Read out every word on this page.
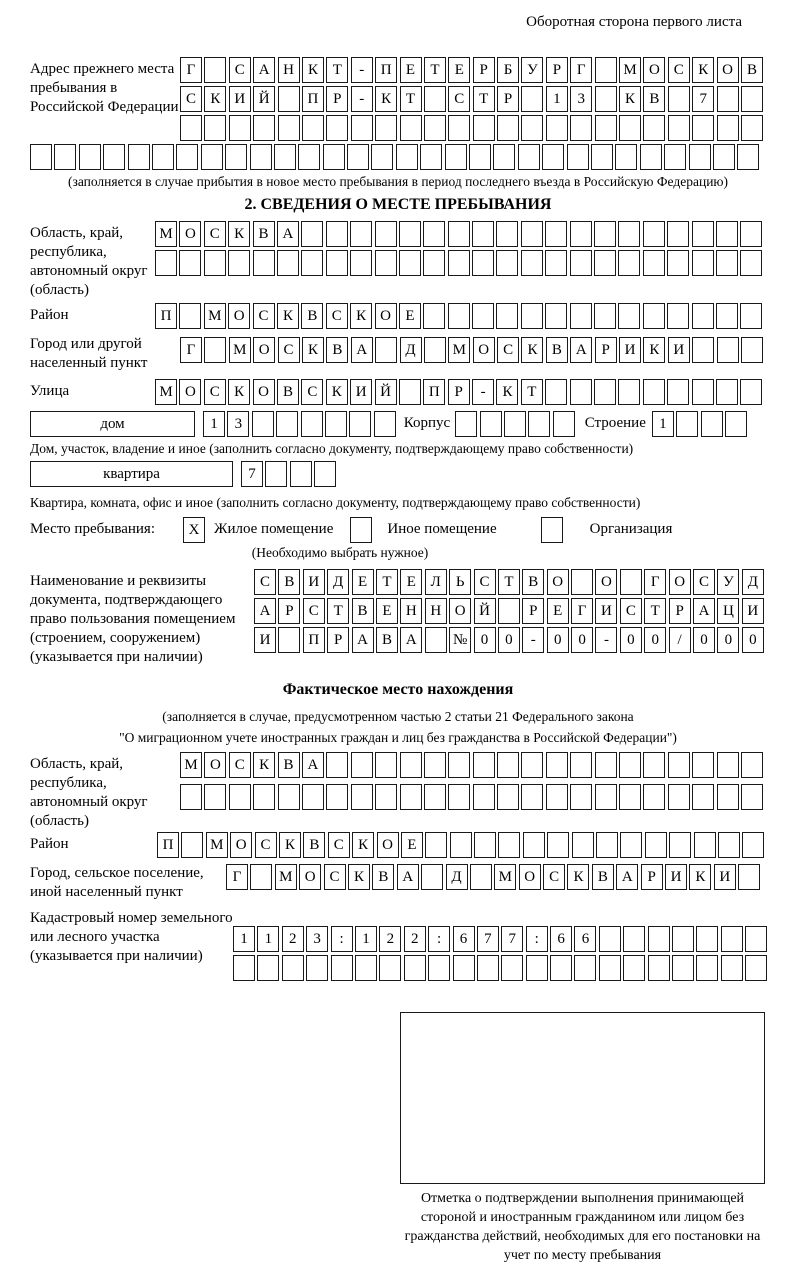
Оборотная сторона первого листа
Адрес прежнего места пребывания в Российской Федерации
Г	С А Н К Т	-	П Е	Т	Е	Р	Б У Р	Г	М О С К О В
С К И Й	П Р	-	К Т	С Т	Р	1	3	К В	7
(заполняется в случае прибытия в новое место пребывания в период последнего въезда в Российскую Федерацию)
2. СВЕДЕНИЯ О МЕСТЕ ПРЕБЫВАНИЯ
Область, край, республика, автономный округ (область)
М О С К В А
Район	П	М О С К В С К О Е
Город или другой населенный пункт
Г	М О С К В А	Д	М О С К В А Р И К И
Улица	М О С К О В С К И Й	П Р	-	К Т
дом	1	3	Корпус	Строение 1
Дом, участок, владение и иное (заполнить согласно документу, подтверждающему право собственности)
квартира	7
Квартира, комната, офис и иное (заполнить согласно документу, подтверждающему право собственности)
Место пребывания:	X Жилое помещение	Иное помещение	Организация
(Необходимо выбрать нужное)
Наименование и реквизиты документа, подтверждающего право пользования помещением (строением, сооружением) (указывается при наличии)
С В И Д Е	Т	Е Л Ь	С Т В О	О	Г О С У Д
А Р	С Т В Е Н Н О Й	Р	Е	Г И С Т	Р А Ц И
И	П Р А В А	№ 0	0	-	0	0	-	0	0	/	0	0	0
Фактическое место нахождения
(заполняется в случае, предусмотренном частью 2 статьи 21 Федерального закона
"О миграционном учете иностранных граждан и лиц без гражданства в Российской Федерации")
Область, край, республика, автономный округ (область)
М О С К В А
Район	П	М О С К В С К О Е
Город, сельское поселение, иной населенный пункт
Г	М О С К В А	Д	М О С К В А Р И К И
Кадастровый номер земельного или лесного участка (указывается при наличии)
1	1	2	3	:	1	2	2	:	6	7	7	:	6	6
Отметка о подтверждении выполнения принимающей стороной и иностранным гражданином или лицом без гражданства действий, необходимых для его постановки на учет по месту пребывания
